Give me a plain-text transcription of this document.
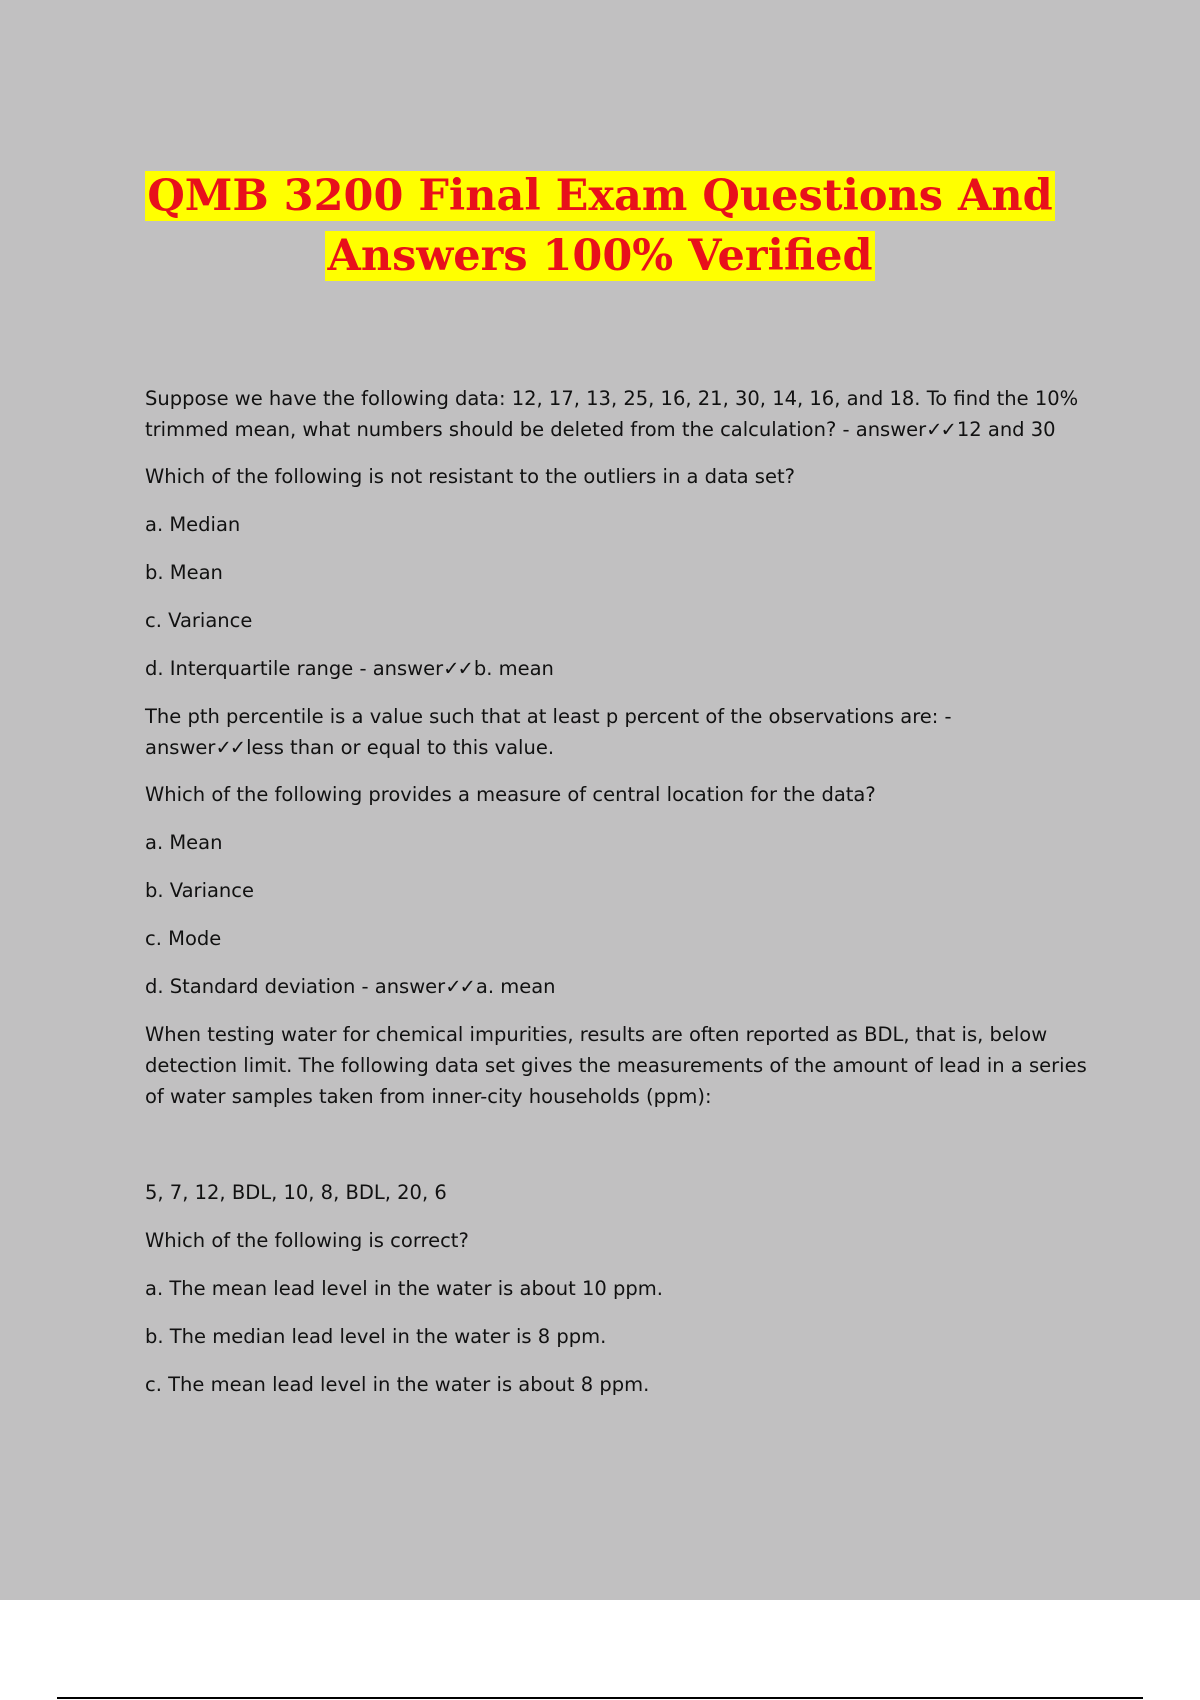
QMB 3200 Final Exam Questions And
Answers 100% Verified

Suppose we have the following data: 12, 17, 13, 25, 16, 21, 30, 14, 16, and 18. To find the 10% trimmed mean, what numbers should be deleted from the calculation? - answer✓✓ 12 and 30

Which of the following is not resistant to the outliers in a data set?

a. Median

b. Mean

c. Variance

d. Interquartile range - answer✓✓ b. mean

The pth percentile is a value such that at least p percent of the observations are: - answer✓✓ less than or equal to this value.

Which of the following provides a measure of central location for the data?

a. Mean

b. Variance

c. Mode

d. Standard deviation - answer✓✓ a. mean

When testing water for chemical impurities, results are often reported as BDL, that is, below detection limit. The following data set gives the measurements of the amount of lead in a series of water samples taken from inner-city households (ppm):

5, 7, 12, BDL, 10, 8, BDL, 20, 6

Which of the following is correct?

a. The mean lead level in the water is about 10 ppm.

b. The median lead level in the water is 8 ppm.

c. The mean lead level in the water is about 8 ppm.
